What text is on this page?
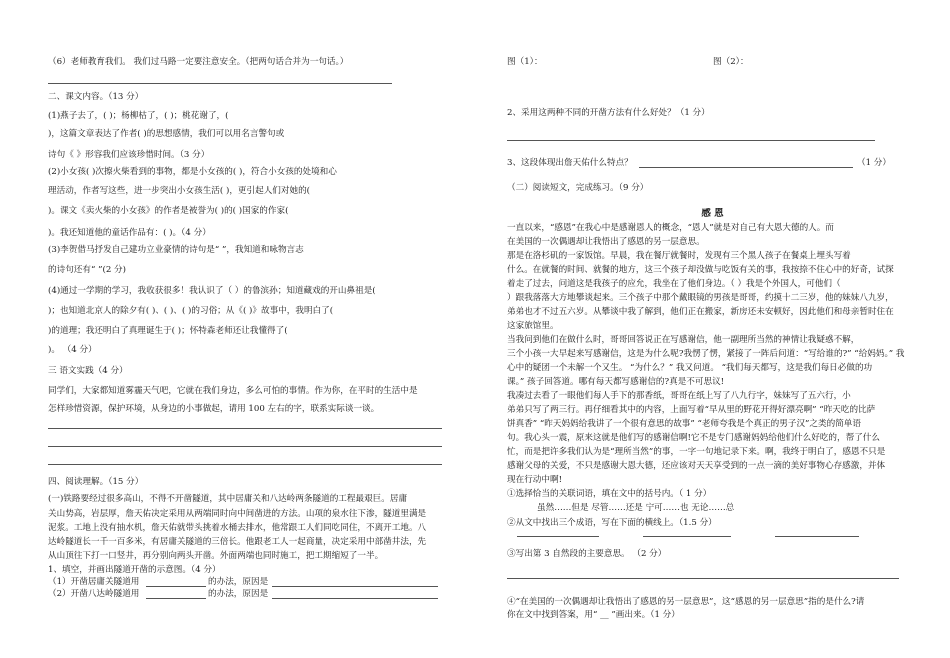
（6）老师教育我们。 我们过马路一定要注意安全。（把两句话合并为一句话。）
二、课文内容。（13 分）
(1)燕子去了，( )；杨柳枯了，( )；桃花谢了，(
)，这篇文章表达了作者( )的思想感情，我们可以用名言警句或
诗句《 》形容我们应该珍惜时间。（3 分）
(2)小女孩( )次擦火柴看到的事物，都是小女孩的( )，符合小女孩的处境和心
理活动，作者写这些，进一步突出小女孩生活( )，更引起人们对她的(
)。课文《卖火柴的小女孩》的作者是被誉为( )的( )国家的作家(
)。我还知道他的童话作品有：( )。（4 分）
(3)李贺借马抒发自己建功立业豪情的诗句是“ ”，我知道和咏物言志
的诗句还有“ ”(2 分)
(4)通过一学期的学习，我收获很多！我认识了（ ）的鲁滨孙；知道藏戏的开山鼻祖是(
)；也知道北京人的除夕有( )、( )、( )的习俗；从《( )》故事中，我明白了(
)的道理；我还明白了真理诞生于( )；怀特森老师还让我懂得了(
)。 （4 分）
三 语文实践（4 分）
同学们，大家都知道雾霾天气吧，它就在我们身边，多么可怕的事情。作为你，在平时的生活中是
怎样珍惜资源，保护环境，从身边的小事做起，请用 100 左右的字，联系实际谈一谈。
四、阅读理解。（15 分）
(一)铁路要经过很多高山，不得不开凿隧道，其中居庸关和八达岭两条隧道的工程最艰巨。居庸
关山势高，岩层厚，詹天佑决定采用从两端同时向中间凿进的方法。山项的泉水往下渗，隧道里满是
泥浆。工地上没有抽水机，詹天佑就带头挑着水桶去排水，他常跟工人们同吃同住，不离开工地。八
达岭隧道长一千一百多米，有居庸关隧道的三倍长。他跟老工人一起商量，决定采用中部凿井法，先
从山顶往下打一口竖井，再分别向两头开凿。外面两端也同时施工，把工期缩短了一半。
1、填空，并画出隧道开凿的示意图。（4 分）
（1）开凿居庸关隧道用	的办法，原因是
（2）开凿八达岭隧道用	的办法，原因是
图（1）：	图（2）：
2、采用这两种不同的开凿方法有什么好处？（1 分）
3、这段体现出詹天佑什么特点？	（1 分）
（二）阅读短文，完成练习。（9 分）
感 恩
一直以来，“感恩”在我心中是感谢恩人的概念，“恩人”就是对自己有大恩大德的人。而
在美国的一次偶遇却让我悟出了感恩的另一层意思。
那是在洛杉矶的一家饭馆。早晨，我在餐厅就餐时，发现有三个黑人孩子在餐桌上埋头写着
什么。在就餐的时间、就餐的地方，这三个孩子却没做与吃饭有关的事，我按捺不住心中的好奇，试探
着走了过去，问道这是我孩子的应允，我坐在了他们身边。（ ）我是个外国人，可他们（
）跟我落落大方地攀谈起来。三个孩子中那个戴眼镜的男孩是哥哥，约摸十二三岁，他的妹妹八九岁，
弟弟也才不过五六岁。从攀谈中我了解到，他们正在搬家，新房还未安顿好，因此他们和母亲暂时住在
这家旅馆里。
当我问到他们在做什么时，哥哥回答说正在写感谢信，他一副理所当然的神情让我疑惑不解，
三个小孩一大早起来写感谢信，这是为什么呢?我愣了愣，紧接了一阵后问道：“写给谁的?” “给妈妈。” 我
心中的疑团一个未解一个又生。 “为什么？” 我又问道。 “我们每天都写，这是我们每日必做的功
课。” 孩子回答道。哪有每天都写感谢信的?真是不可思议!
我凑过去看了一眼他们每人手下的那香纸，哥哥在纸上写了八九行字，妹妹写了五六行，小
弟弟只写了两三行。再仔细看其中的内容，上面写着“早从里的野花开得好漂亮啊” “昨天吃的比萨
饼真香” “昨天妈妈给我讲了一个很有意思的故事” “老师夸我是个真正的男子汉”之类的简单语
句。我心头一震，原来这就是他们写的感谢信啊!它不是专门感谢妈妈给他们什么好吃的，帮了什么
忙，而是把许多我们认为是“理所当然”的事，一字一句地记录下来。啊，我终于明白了，感恩不只是
感谢父母的关爱，不只是感谢大恩大德，还应该对天天享受到的一点一滴的美好事物心存感激，并体
现在行动中啊!
①选择恰当的关联词语，填在文中的括号内。（ 1 分）
虽然……但是 尽管……还是 宁可……也 无论……总
②从文中找出三个成语，写在下面的横线上。（1.5 分）
③写出第 3 自然段的主要意思。 （2 分）
④“在美国的一次偶遇却让我悟出了感恩的另一层意思”，这“感恩的另一层意思”指的是什么?请
你在文中找到答案，用“ __ ”画出来。（1 分）
